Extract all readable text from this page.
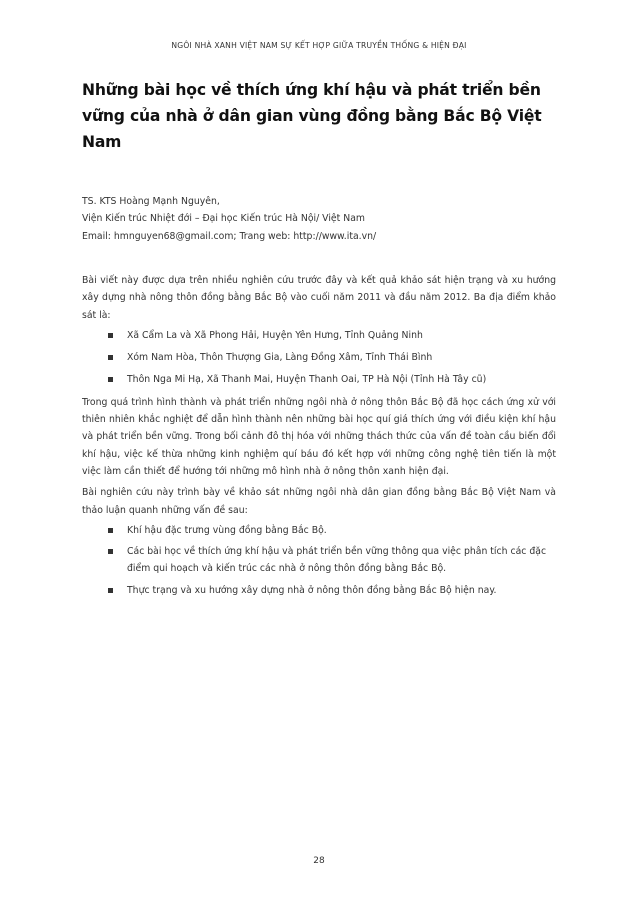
NGÔI NHÀ XANH VIỆT NAM SỰ KẾT HỢP GIỮA TRUYỀN THỐNG & HIỆN ĐẠI
Những bài học về thích ứng khí hậu và phát triển bền
vững của nhà ở dân gian vùng đồng bằng Bắc Bộ Việt
Nam
TS. KTS Hoàng Mạnh Nguyên,
Viện Kiến trúc Nhiệt đới – Đại học Kiến trúc Hà Nội/ Việt Nam
Email: hmnguyen68@gmail.com; Trang web: http://www.ita.vn/

Bài viết này được dựa trên nhiều nghiên cứu trước đây và kết quả khảo sát hiện trạng và xu hướng xây dựng nhà nông thôn đồng bằng Bắc Bộ vào cuối năm 2011 và đầu năm 2012. Ba địa điểm khảo sát là:

Xã Cẩm La và Xã Phong Hải, Huyện Yên Hưng, Tỉnh Quảng Ninh
Xóm Nam Hòa, Thôn Thượng Gia, Làng Đồng Xâm, Tỉnh Thái Bình
Thôn Nga Mi Hạ, Xã Thanh Mai, Huyện Thanh Oai, TP Hà Nội (Tỉnh Hà Tây cũ)

Trong quá trình hình thành và phát triển những ngôi nhà ở nông thôn Bắc Bộ đã học cách ứng xử với thiên nhiên khắc nghiệt để dẫn hình thành nên những bài học quí giá thích ứng với điều kiện khí hậu và phát triển bền vững. Trong bối cảnh đô thị hóa với những thách thức của vấn đề toàn cầu biến đổi khí hậu, việc kế thừa những kinh nghiệm quí báu đó kết hợp với những công nghệ tiên tiến là một việc làm cần thiết để hướng tới những mô hình nhà ở nông thôn xanh hiện đại.

Bài nghiên cứu này trình bày về khảo sát những ngôi nhà dân gian đồng bằng Bắc Bộ Việt Nam và thảo luận quanh những vấn đề sau:

Khí hậu đặc trưng vùng đồng bằng Bắc Bộ.
Các bài học về thích ứng khí hậu và phát triển bền vững thông qua việc phân tích các đặc điểm qui hoạch và kiến trúc các nhà ở nông thôn đồng bằng Bắc Bộ.
Thực trạng và xu hướng xây dựng nhà ở nông thôn đồng bằng Bắc Bộ hiện nay.
28
